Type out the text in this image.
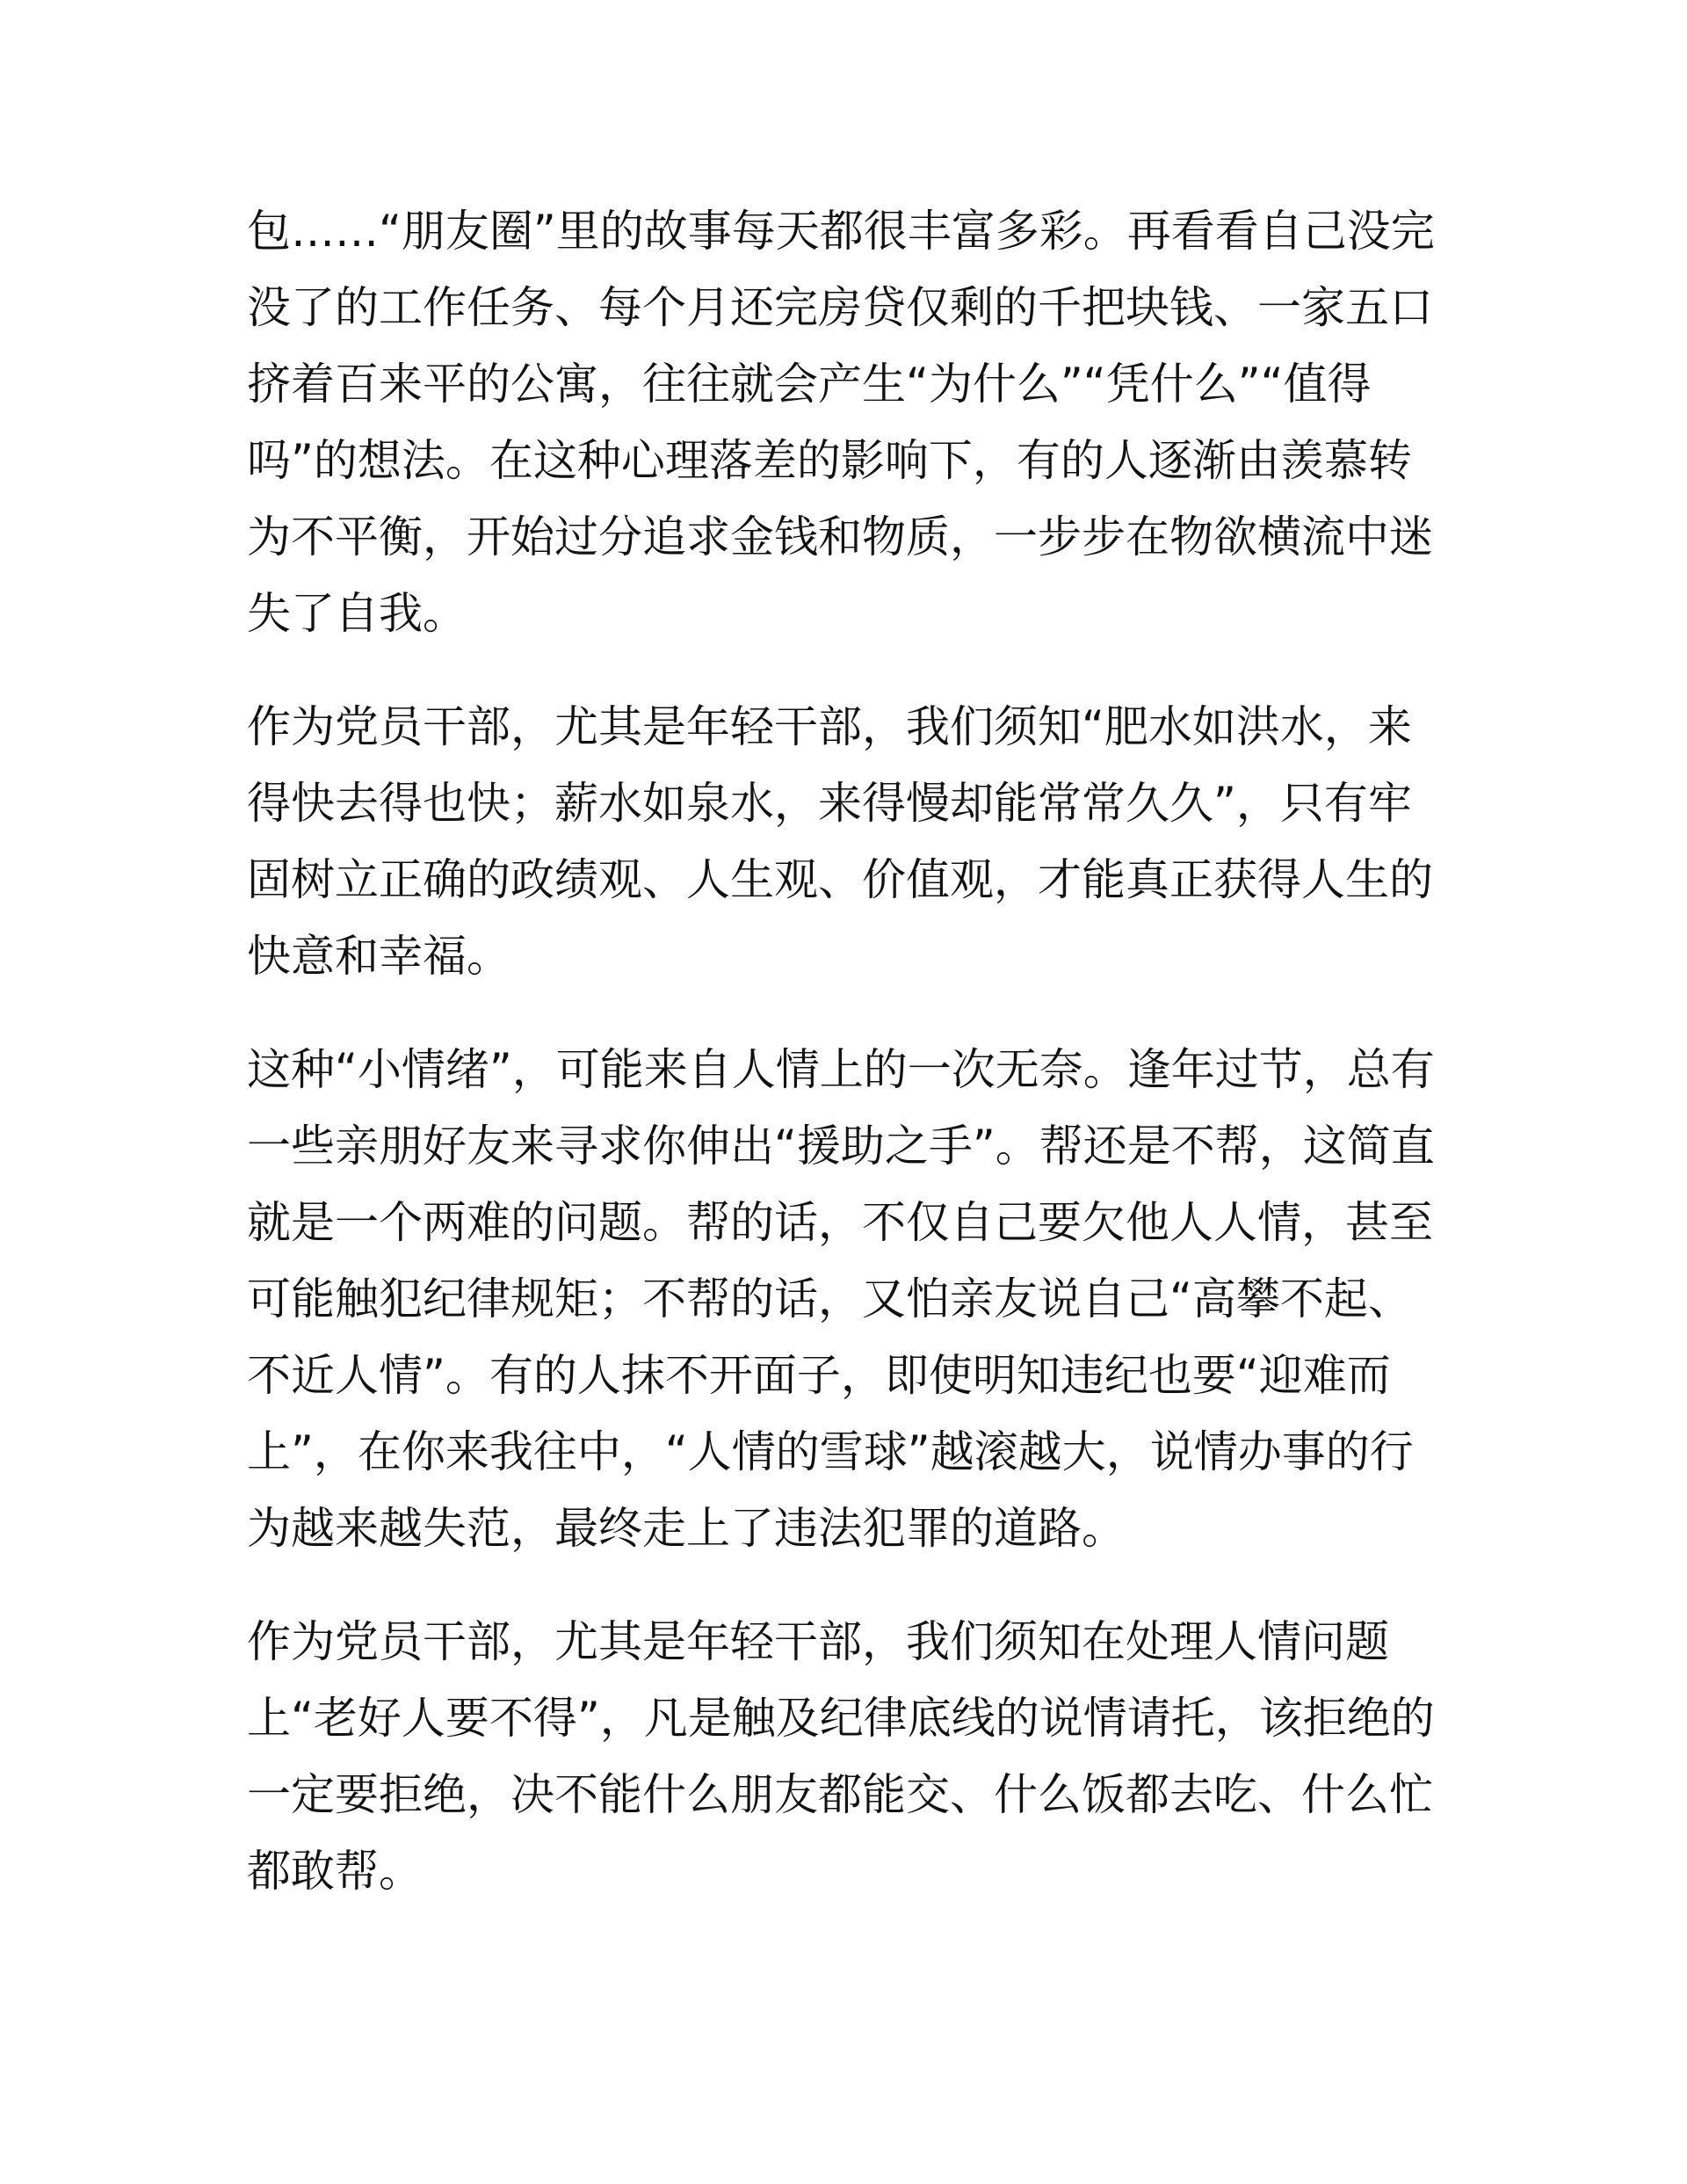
包……“朋友圈”里的故事每天都很丰富多彩。再看看自己没完没了的工作任务、每个月还完房贷仅剩的千把块钱、一家五口挤着百来平的公寓，往往就会产生“为什么”“凭什么”“值得吗”的想法。在这种心理落差的影响下，有的人逐渐由羡慕转为不平衡，开始过分追求金钱和物质，一步步在物欲横流中迷失了自我。

作为党员干部，尤其是年轻干部，我们须知“肥水如洪水，来得快去得也快；薪水如泉水，来得慢却能常常久久”，只有牢固树立正确的政绩观、人生观、价值观，才能真正获得人生的快意和幸福。

这种“小情绪”，可能来自人情上的一次无奈。逢年过节，总有一些亲朋好友来寻求你伸出“援助之手”。帮还是不帮，这简直就是一个两难的问题。帮的话，不仅自己要欠他人人情，甚至可能触犯纪律规矩；不帮的话，又怕亲友说自己“高攀不起、不近人情”。有的人抹不开面子，即使明知违纪也要“迎难而上”，在你来我往中，“人情的雪球”越滚越大，说情办事的行为越来越失范，最终走上了违法犯罪的道路。

作为党员干部，尤其是年轻干部，我们须知在处理人情问题上“老好人要不得”，凡是触及纪律底线的说情请托，该拒绝的一定要拒绝，决不能什么朋友都能交、什么饭都去吃、什么忙都敢帮。
